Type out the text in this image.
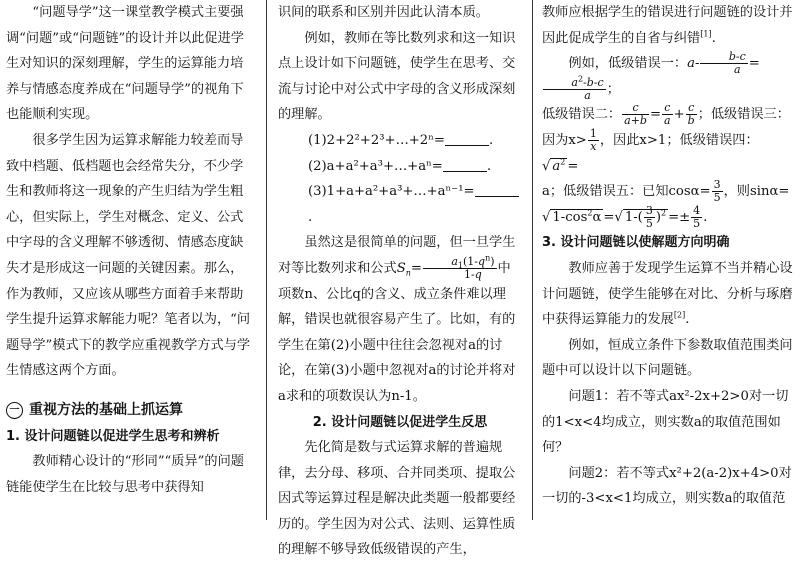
“问题导学”这一课堂教学模式主要强调“问题”或“问题链”的设计并以此促进学生对知识的深刻理解，学生的运算能力培养与情感态度养成在“问题导学”的视角下也能顺利实现。

很多学生因为运算求解能力较差而导致中档题、低档题也会经常失分，不少学生和教师将这一现象的产生归结为学生粗心，但实际上，学生对概念、定义、公式中字母的含义理解不够透彻、情感态度缺失才是形成这一问题的关键因素。那么，作为教师，又应该从哪些方面着手来帮助学生提升运算求解能力呢？笔者以为，“问题导学”模式下的教学应重视教学方式与学生情感这两个方面。

一 重视方法的基础上抓运算

1. 设计问题链以促进学生思考和辨析

教师精心设计的“形同”“质异”的问题链能使学生在比较与思考中获得知

识间的联系和区别并因此认清本质。

例如，教师在等比数列求和这一知识点上设计如下问题链，使学生在思考、交流与讨论中对公式中字母的含义形成深刻的理解。

(1)2+2²+2³+…+2ⁿ=	.

(2)a+a²+a³+…+aⁿ=	.

(3)1+a+a²+a³+…+aⁿ⁻¹=.

虽然这是很简单的问题，但一旦学生对等比数列求和公式$S_n= \frac{a_1(1-q^n)}{1-q}$ 中项数n、公比q的含义、成立条件难以理解，错误也就很容易产生了。比如，有的学生在第(2)小题中往往会忽视对a的讨论，在第(3)小题中忽视对a的讨论并将对a求和的项数误认为n-1。

2. 设计问题链以促进学生反思

先化简是数与式运算求解的普遍规律，去分母、移项、合并同类项、提取公因式等运算过程是解决此类题一般都要经历的。学生因为对公式、法则、运算性质的理解不够导致低级错误的产生，

教师应根据学生的错误进行问题链的设计并因此促成学生的自省与纠错[1].

例如，低级错误一：$a- \frac{b-c}{a}$ =
$\frac{a^2-b-c}{a}$ ；

低级错误二： $\frac{c}{a+b} = \frac{c}{a} + \frac{c}{b}$ ；低级错误三：

因为$x> \frac{1}{x}$ ，因此x>1；低级错误四：√ $a^2$ =

a；低级错误五：已知$\cos\alpha= \frac{3}{5}$ ，则sinα=

√ $1-\cos^2\alpha$ =√ $1-( \frac{3}{5} )^2 =\pm \frac{4}{5}$ .

3. 设计问题链以使解题方向明确

教师应善于发现学生运算不当并精心设计问题链，使学生能够在对比、分析与琢磨中获得运算能力的发展[2].

例如，恒成立条件下参数取值范围类问题中可以设计以下问题链。

问题1：若不等式ax²-2x+2>0对一切的1<x<4均成立，则实数a的取值范围如何？

问题2：若不等式x²+2(a-2)x+4>0对一切的-3<x<1均成立，则实数a的取值范
